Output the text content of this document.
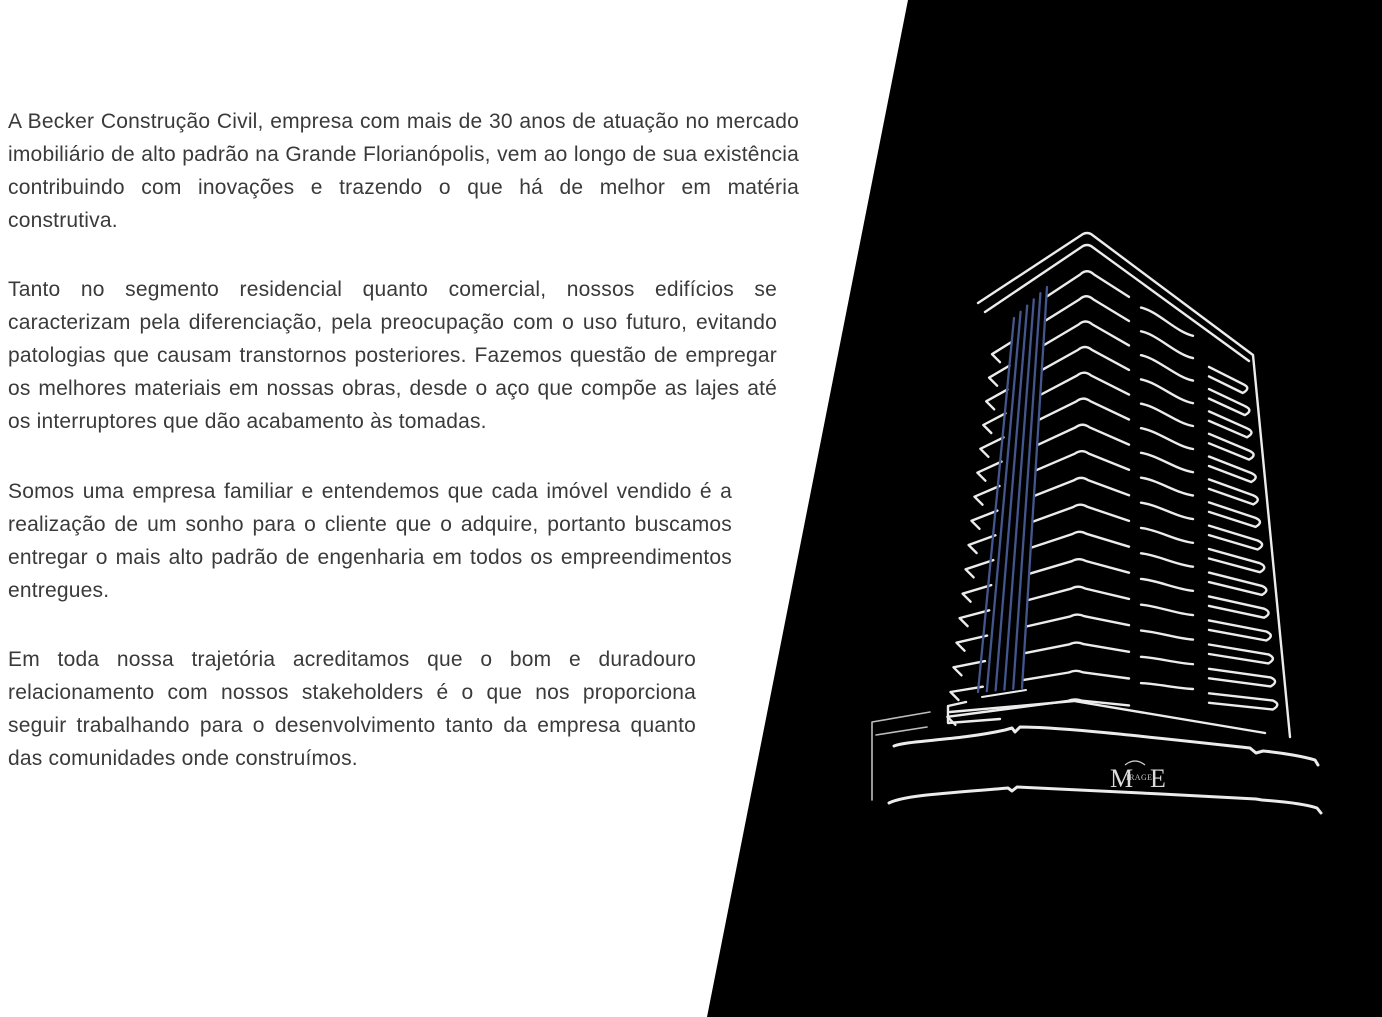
M
IRAGE
E

A Becker Construção Civil, empresa com mais de 30 anos de atuação no mercado imobiliário de alto padrão na Grande Florianópolis, vem ao longo de sua existência contribuindo com inovações e trazendo o que há de melhor em matéria construtiva.

Tanto no segmento residencial quanto comercial, nossos edifícios se caracterizam pela diferenciação, pela preocupação com o uso futuro, evitando patologias que causam transtornos posteriores. Fazemos questão de empregar os melhores materiais em nossas obras, desde o aço que compõe as lajes até os interruptores que dão acabamento às tomadas.

Somos uma empresa familiar e entendemos que cada imóvel vendido é a realização de um sonho para o cliente que o adquire, portanto buscamos entregar o mais alto padrão de engenharia em todos os empreendimentos entregues.

Em toda nossa trajetória acreditamos que o bom e duradouro relacionamento com nossos stakeholders é o que nos proporciona seguir trabalhando para o desenvolvimento tanto da empresa quanto das comunidades onde construímos.
